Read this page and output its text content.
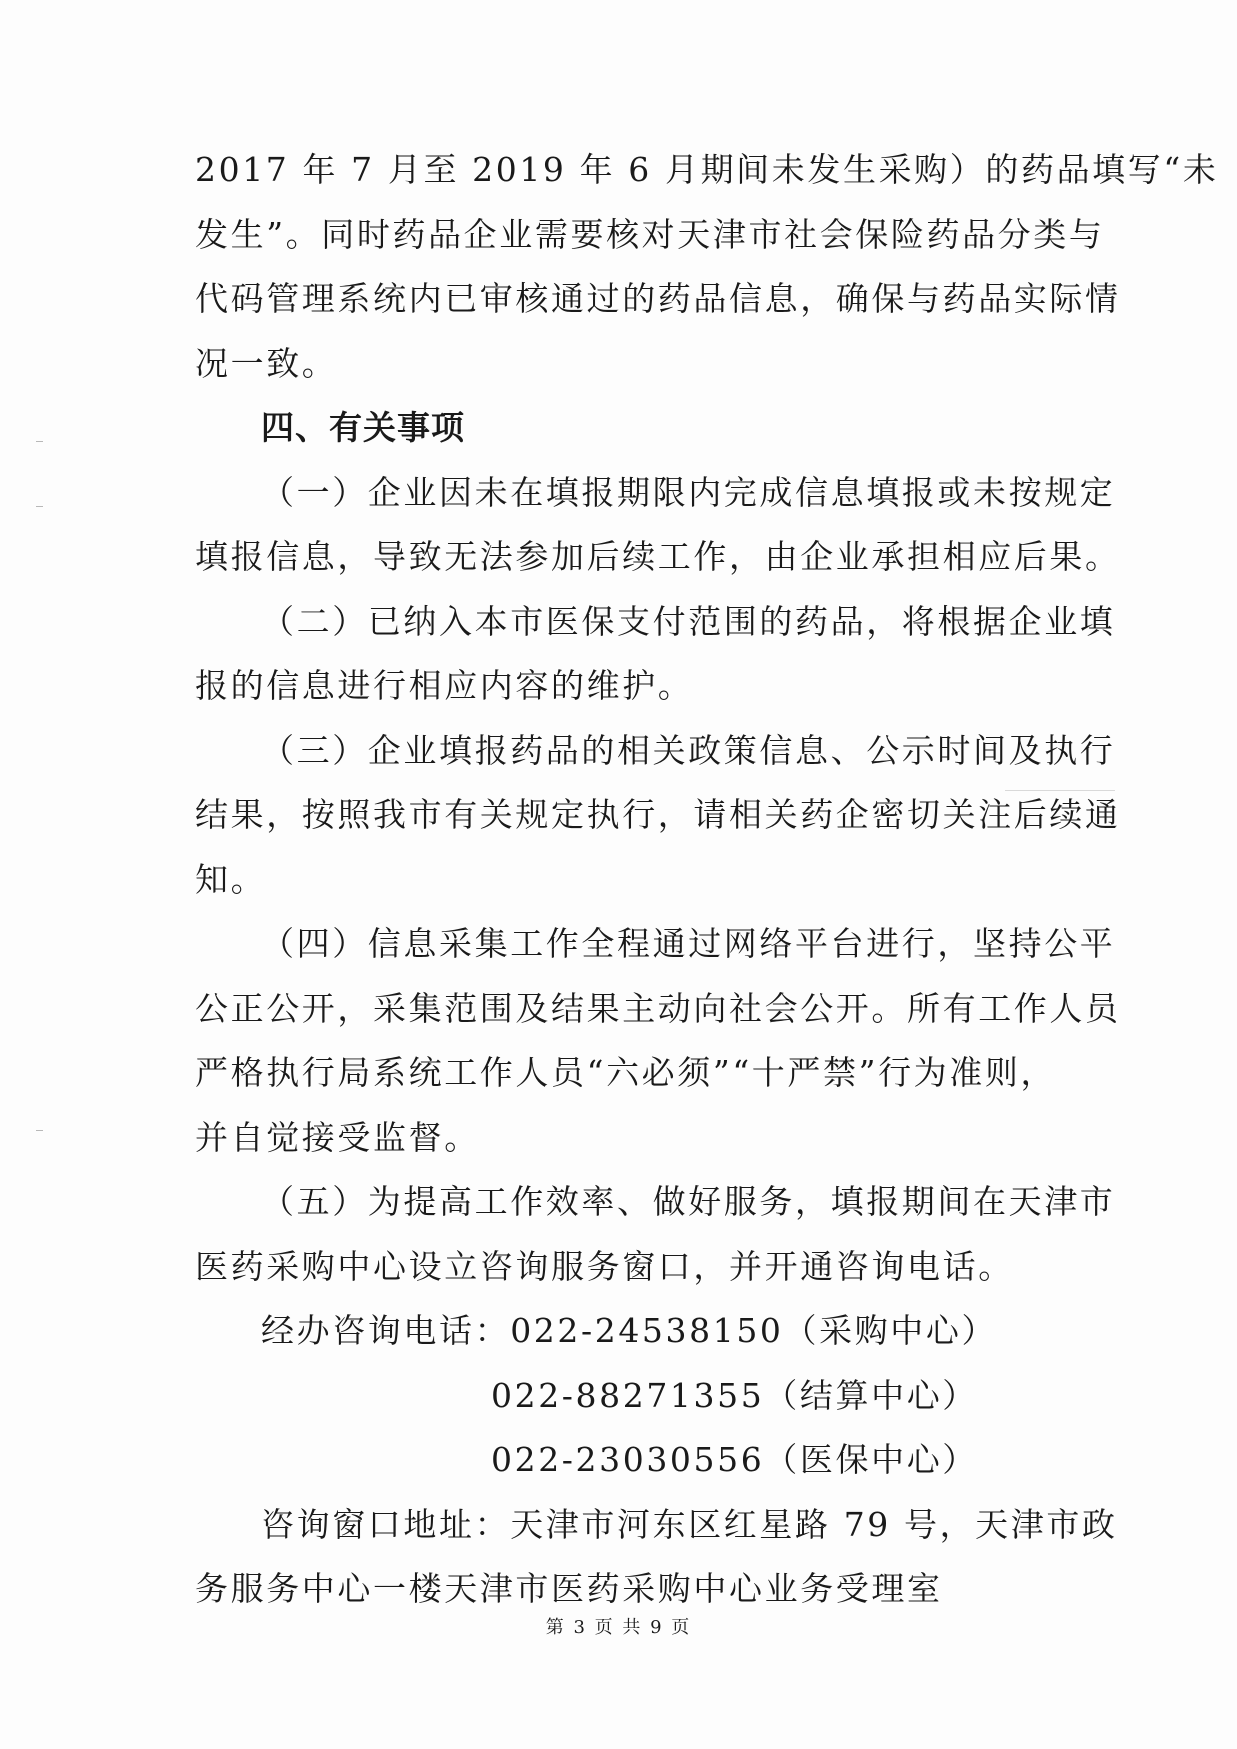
2017 年 7 月至 2019 年 6 月期间未发生采购）的药品填写“未
发生”。同时药品企业需要核对天津市社会保险药品分类与
代码管理系统内已审核通过的药品信息，确保与药品实际情
况一致。
四、有关事项
（一）企业因未在填报期限内完成信息填报或未按规定
填报信息，导致无法参加后续工作，由企业承担相应后果。
（二）已纳入本市医保支付范围的药品，将根据企业填
报的信息进行相应内容的维护。
（三）企业填报药品的相关政策信息、公示时间及执行
结果，按照我市有关规定执行，请相关药企密切关注后续通
知。
（四）信息采集工作全程通过网络平台进行，坚持公平
公正公开，采集范围及结果主动向社会公开。所有工作人员
严格执行局系统工作人员“六必须”“十严禁”行为准则，
并自觉接受监督。
（五）为提高工作效率、做好服务，填报期间在天津市
医药采购中心设立咨询服务窗口，并开通咨询电话。
经办咨询电话：022-24538150（采购中心）
022-88271355（结算中心）
022-23030556（医保中心）
咨询窗口地址：天津市河东区红星路 79 号，天津市政
务服务中心一楼天津市医药采购中心业务受理室
第 3 页 共 9 页
